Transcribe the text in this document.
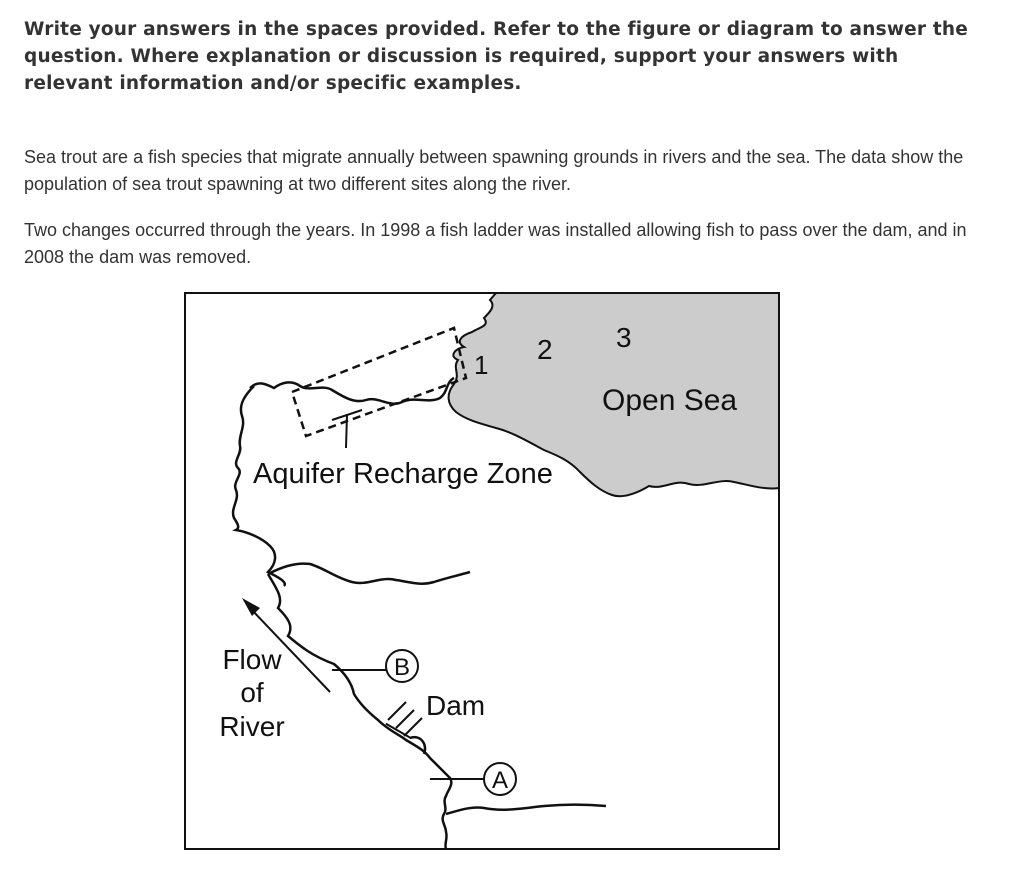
Write your answers in the spaces provided. Refer to the figure or diagram to answer the question. Where explanation or discussion is required, support your answers with relevant information and/or specific examples.
Sea trout are a fish species that migrate annually between spawning grounds in rivers and the sea. The data show the population of sea trout spawning at two different sites along the river.
Two changes occurred through the years. In 1998 a fish ladder was installed allowing fish to pass over the dam, and in 2008 the dam was removed.
B
A
1 2 3
Open Sea
Aquifer Recharge Zone
Flow
of
River
Dam
